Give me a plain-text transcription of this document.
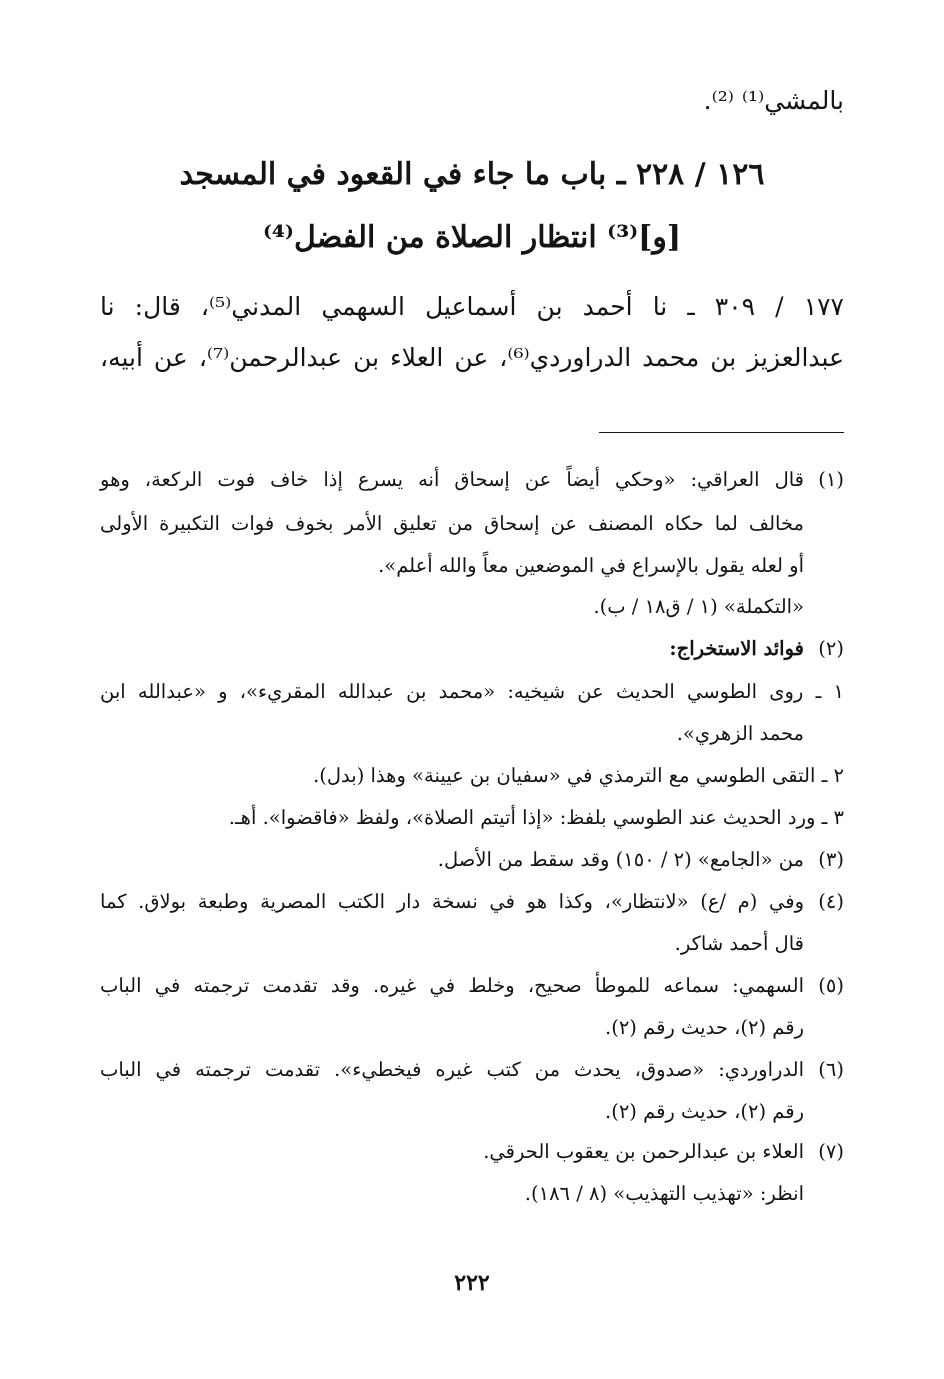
بالمشي⁽¹⁾ ⁽²⁾.
١٢٦ / ٢٢٨ ـ باب ما جاء في القعود في المسجد
[و]⁽³⁾ انتظار الصلاة من الفضل⁽⁴⁾
١٧٧ / ٣٠٩ ـ نا أحمد بن أسماعيل السهمي المدني⁽⁵⁾، قال: نا
عبدالعزيز بن محمد الدراوردي⁽⁶⁾، عن العلاء بن عبدالرحمن⁽⁷⁾، عن أبيه،
(١)
قال العراقي: «وحكي أيضاً عن إسحاق أنه يسرع إذا خاف فوت الركعة، وهو
مخالف لما حكاه المصنف عن إسحاق من تعليق الأمر بخوف فوات التكبيرة الأولى
أو لعله يقول بالإسراع في الموضعين معاً والله أعلم».
«التكملة» (١ / ق١٨ / ب).
(٢)
فوائد الاستخراج:
١ ـ روى الطوسي الحديث عن شيخيه: «محمد بن عبدالله المقريء»، و «عبدالله ابن
محمد الزهري».
٢ ـ التقى الطوسي مع الترمذي في «سفيان بن عيينة» وهذا (بدل).
٣ ـ ورد الحديث عند الطوسي بلفظ: «إذا أتيتم الصلاة»، ولفظ «فاقضوا». أهـ.
(٣)
من «الجامع» (٢ / ١٥٠) وقد سقط من الأصل.
(٤)
وفي (م /ع) «لانتظار»، وكذا هو في نسخة دار الكتب المصرية وطبعة بولاق. كما
قال أحمد شاكر.
(٥)
السهمي: سماعه للموطأ صحيح، وخلط في غيره. وقد تقدمت ترجمته في الباب
رقم (٢)، حديث رقم (٢).
(٦)
الدراوردي: «صدوق، يحدث من كتب غيره فيخطيء». تقدمت ترجمته في الباب
رقم (٢)، حديث رقم (٢).
(٧)
العلاء بن عبدالرحمن بن يعقوب الحرقي.
انظر: «تهذيب التهذيب» (٨ / ١٨٦).
٢٢٢
